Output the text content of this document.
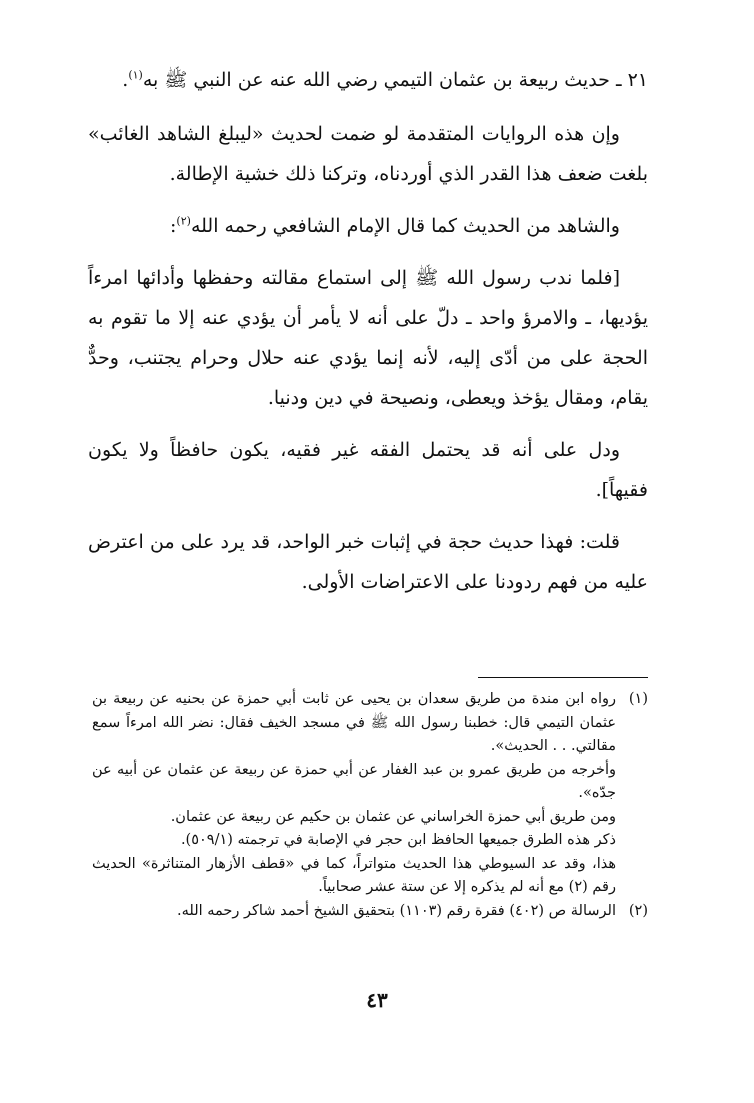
٢١ ـ حديث ربيعة بن عثمان التيمي رضي الله عنه عن النبي ﷺ به$^{(١)}$.

وإن هذه الروايات المتقدمة لو ضمت لحديث «ليبلغ الشاهد الغائب» بلغت ضعف هذا القدر الذي أوردناه، وتركنا ذلك خشية الإطالة.

والشاهد من الحديث كما قال الإمام الشافعي رحمه الله$^{(٢)}$:

[فلما ندب رسول الله ﷺ إلى استماع مقالته وحفظها وأدائها امرءاً يؤديها، ـ والامرؤ واحد ـ دلّ على أنه لا يأمر أن يؤدي عنه إلا ما تقوم به الحجة على من أدّى إليه، لأنه إنما يؤدي عنه حلال وحرام يجتنب، وحدٌّ يقام، ومقال يؤخذ ويعطى، ونصيحة في دين ودنيا.

ودل على أنه قد يحتمل الفقه غير فقيه، يكون حافظاً ولا يكون فقيهاً].

قلت: فهذا حديث حجة في إثبات خبر الواحد، قد يرد على من اعترض عليه من فهم ردودنا على الاعتراضات الأولى.

(١)
رواه ابن مندة من طريق سعدان بن يحيى عن ثابت أبي حمزة عن بحنيه عن ربيعة بن عثمان التيمي قال: خطبنا رسول الله ﷺ في مسجد الخيف فقال: نضر الله امرءاً سمع مقالتي. . . الحديث».

وأخرجه من طريق عمرو بن عبد الغفار عن أبي حمزة عن ربيعة عن عثمان عن أبيه عن جدّه».

ومن طريق أبي حمزة الخراساني عن عثمان بن حكيم عن ربيعة عن عثمان.

ذكر هذه الطرق جميعها الحافظ ابن حجر في الإصابة في ترجمته (٥٠٩/١).

هذا، وقد عد السيوطي هذا الحديث متواتراً، كما في «قطف الأزهار المتناثرة» الحديث رقم (٢) مع أنه لم يذكره إلا عن ستة عشر صحابياً.

(٢)
الرسالة ص (٤٠٢) فقرة رقم (١١٠٣) بتحقيق الشيخ أحمد شاكر رحمه الله.

٤٣
